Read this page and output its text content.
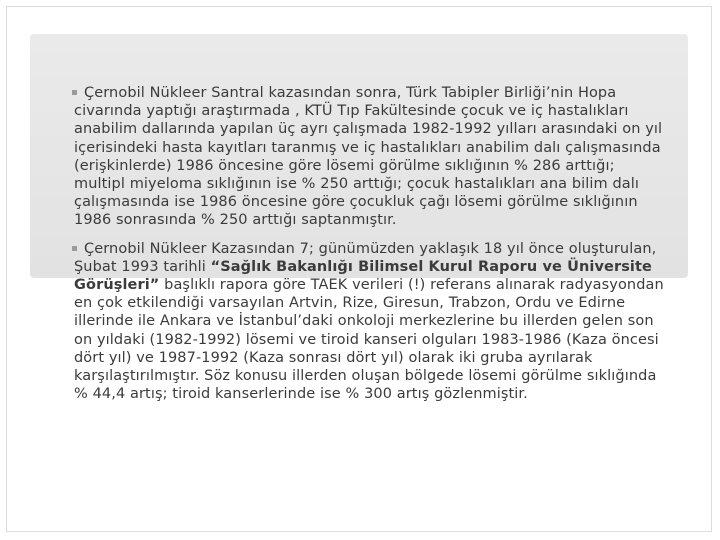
Çernobil Nükleer Santral kazasından sonra, Türk Tabipler Birliği’nin Hopa civarında yaptığı araştırmada , KTÜ Tıp Fakültesinde çocuk ve iç hastalıkları anabilim dallarında yapılan üç ayrı çalışmada 1982-1992 yılları arasındaki on yıl içerisindeki hasta kayıtları taranmış ve iç hastalıkları anabilim dalı çalışmasında (erişkinlerde) 1986 öncesine göre lösemi görülme sıklığının % 286 arttığı; multipl miyeloma sıklığının ise % 250 arttığı; çocuk hastalıkları ana bilim dalı çalışmasında ise 1986 öncesine göre çocukluk çağı lösemi görülme sıklığının 1986 sonrasında % 250 arttığı saptanmıştır.

Çernobil Nükleer Kazasından 7; günümüzden yaklaşık 18 yıl önce oluşturulan, Şubat 1993 tarihli “Sağlık Bakanlığı Bilimsel Kurul Raporu ve Üniversite Görüşleri” başlıklı rapora göre TAEK verileri (!) referans alınarak radyasyondan en çok etkilendiği varsayılan Artvin, Rize, Giresun, Trabzon, Ordu ve Edirne illerinde ile Ankara ve İstanbul’daki onkoloji merkezlerine bu illerden gelen son on yıldaki (1982-1992) lösemi ve tiroid kanseri olguları 1983-1986 (Kaza öncesi dört yıl) ve 1987-1992 (Kaza sonrası dört yıl) olarak iki gruba ayrılarak karşılaştırılmıştır. Söz konusu illerden oluşan bölgede lösemi görülme sıklığında % 44,4 artış; tiroid kanserlerinde ise % 300 artış gözlenmiştir.
